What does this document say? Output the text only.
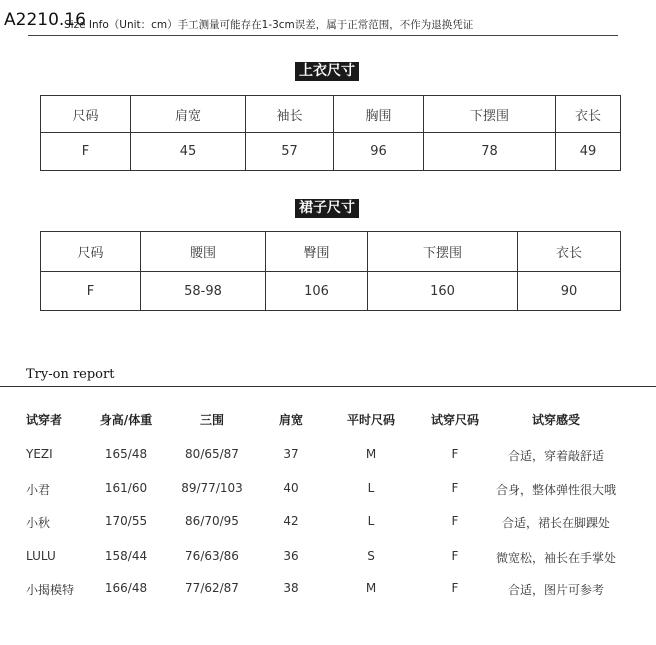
A2210.16
Size Info（Unit：cm）手工测量可能存在1-3cm误差，属于正常范围，不作为退换凭证
上衣尺寸
尺码	肩宽	袖长	胸围	下摆围	衣长
F	45	57	96	78	49
裙子尺寸
尺码	腰围	臀围	下摆围	衣长
F	58-98	106	160	90
Try-on report
试穿者	身高/体重	三围	肩宽	平时尺码	试穿尺码	试穿感受
YEZI	165/48	80/65/87	37	M	F	合适，穿着敲舒适
小君	161/60	89/77/103	40	L	F	合身，整体弹性很大哦
小秋	170/55	86/70/95	42	L	F	合适，裙长在脚踝处
LULU	158/44	76/63/86	36	S	F	微宽松，袖长在手掌处
小揭模特	166/48	77/62/87	38	M	F	合适，图片可参考
